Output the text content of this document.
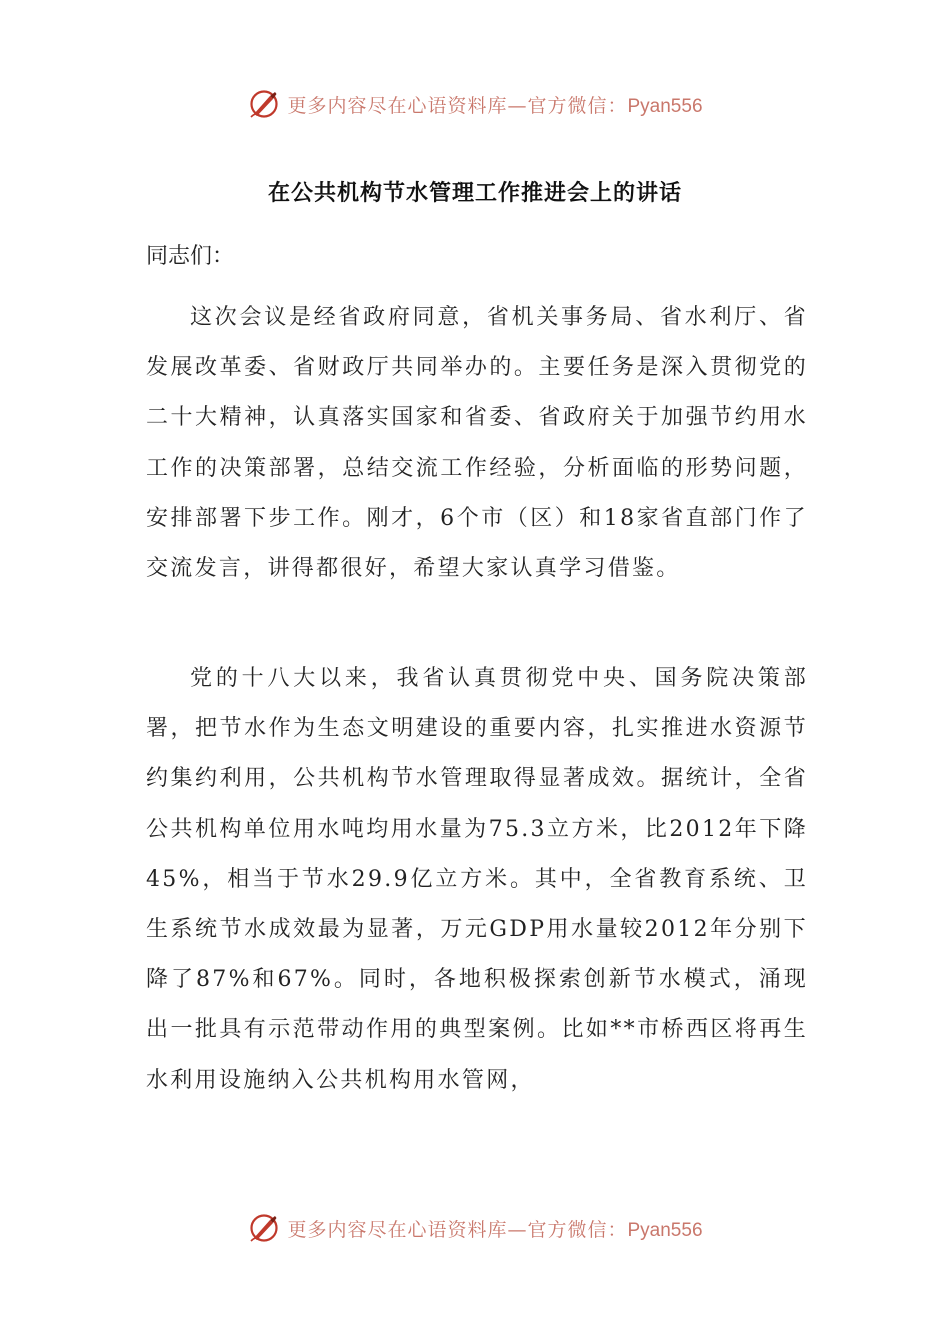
更多内容尽在心语资料库—官方微信：Pyan556
在公共机构节水管理工作推进会上的讲话
同志们：

这次会议是经省政府同意，省机关事务局、省水利厅、省发展改革委、省财政厅共同举办的。主要任务是深入贯彻党的二十大精神，认真落实国家和省委、省政府关于加强节约用水工作的决策部署，总结交流工作经验，分析面临的形势问题，安排部署下步工作。刚才，6个市（区）和18家省直部门作了交流发言，讲得都很好，希望大家认真学习借鉴。

党的十八大以来，我省认真贯彻党中央、国务院决策部署，把节水作为生态文明建设的重要内容，扎实推进水资源节约集约利用，公共机构节水管理取得显著成效。据统计，全省公共机构单位用水吨均用水量为75.3立方米，比2012年下降45%，相当于节水29.9亿立方米。其中，全省教育系统、卫生系统节水成效最为显著，万元GDP用水量较2012年分别下降了87%和67%。同时，各地积极探索创新节水模式，涌现出一批具有示范带动作用的典型案例。比如**市桥西区将再生水利用设施纳入公共机构用水管网，

更多内容尽在心语资料库—官方微信：Pyan556
